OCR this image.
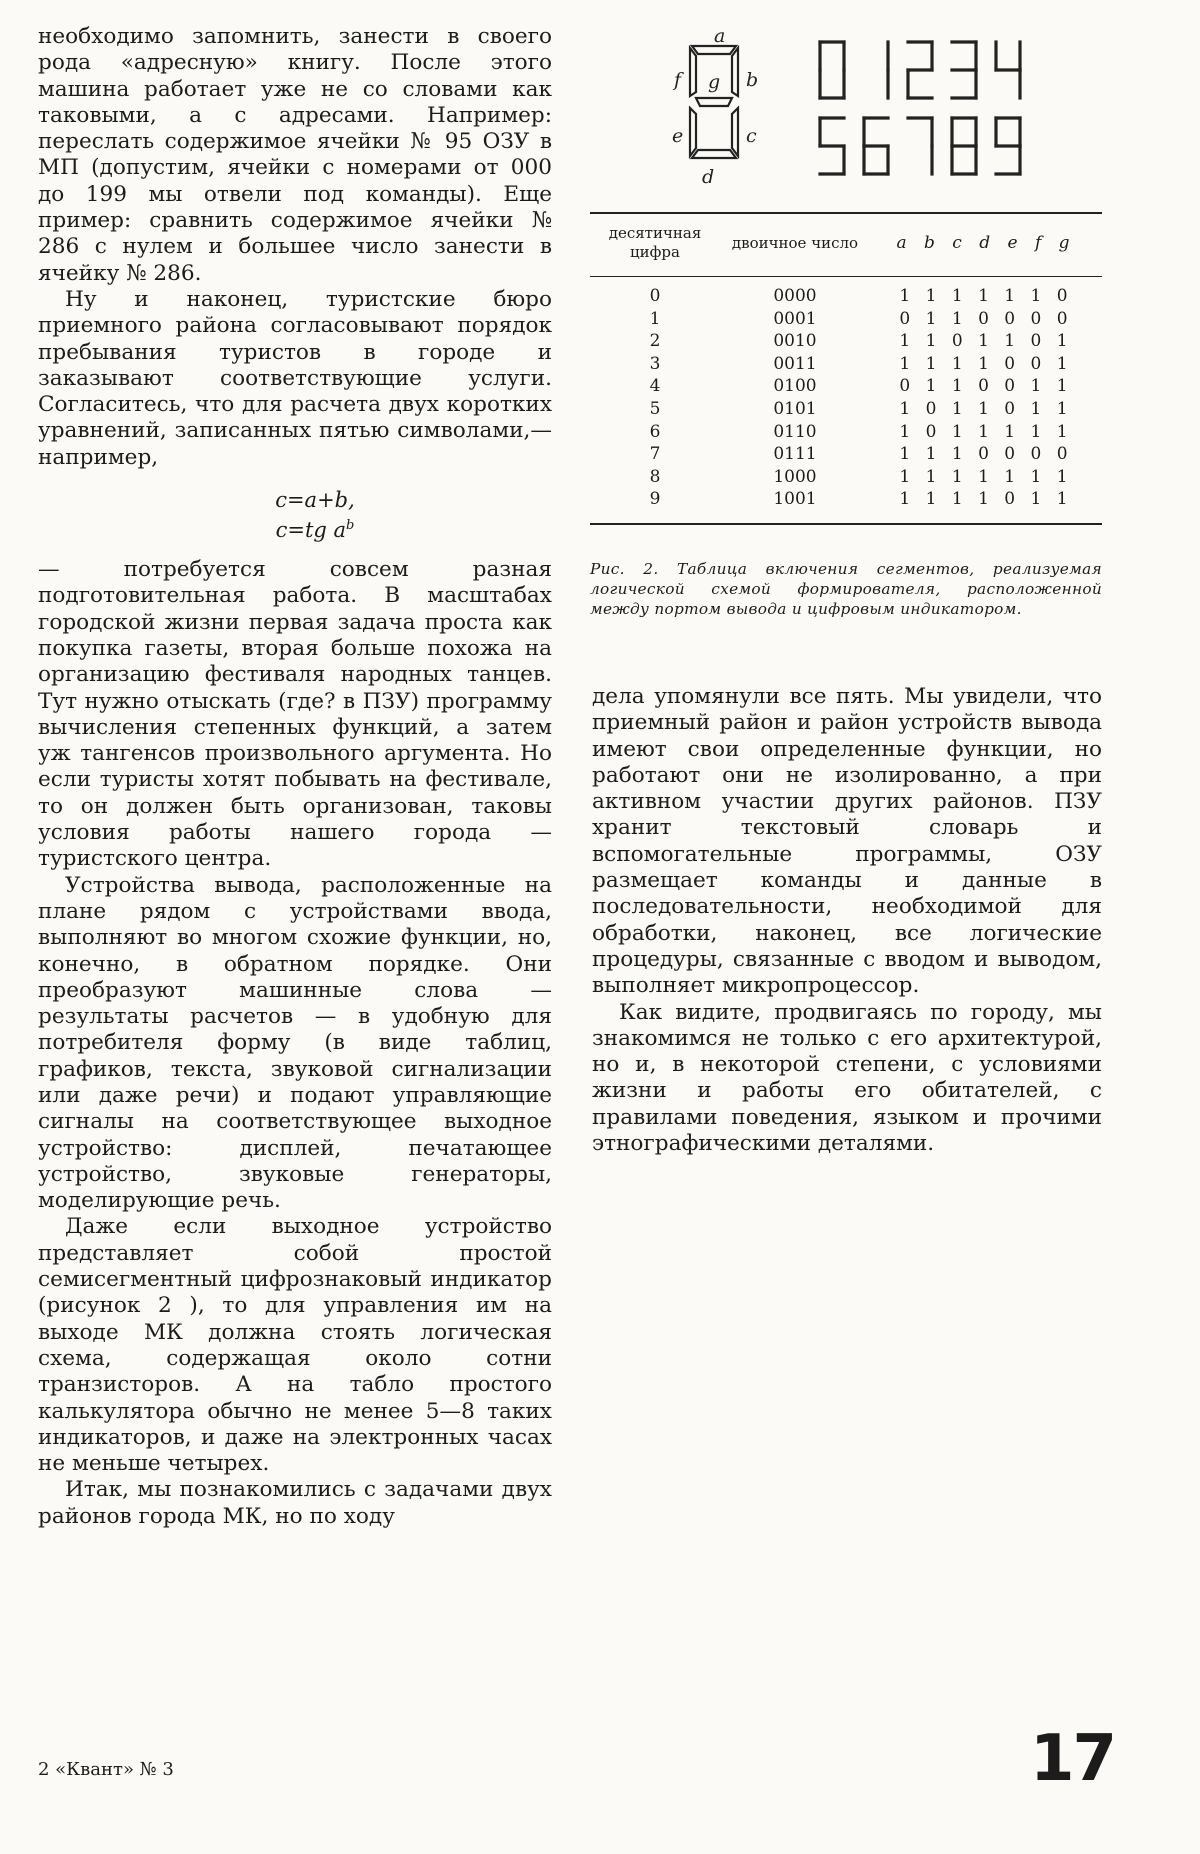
необходимо запомнить, занести в своего рода «адресную» книгу. После этого машина работает уже не со словами как таковыми, а с адресами. Например: переслать содержимое ячейки № 95 ОЗУ в МП (допустим, ячейки с номерами от 000 до 199 мы отвели под команды). Еще пример: сравнить содержимое ячейки № 286 с нулем и большее число занести в ячейку № 286.

Ну и наконец, туристские бюро приемного района согласовывают порядок пребывания туристов в городе и заказывают соответствующие услуги. Согласитесь, что для расчета двух коротких уравнений, записанных пятью символами,— например,

c=a+b,
c=tg $a^b$

— потребуется совсем разная подготовительная работа. В масштабах городской жизни первая задача проста как покупка газеты, вторая больше похожа на организацию фестиваля народных танцев. Тут нужно отыскать (где? в ПЗУ) программу вычисления степенных функций, а затем уж тангенсов произвольного аргумента. Но если туристы хотят побывать на фестивале, то он должен быть организован, таковы условия работы нашего города — туристского центра.

Устройства вывода, расположенные на плане рядом с устройствами ввода, выполняют во многом схожие функции, но, конечно, в обратном порядке. Они преобразуют машинные слова — результаты расчетов — в удобную для потребителя форму (в виде таблиц, графиков, текста, звуковой сигнализации или даже речи) и подают управляющие сигналы на соответствующее выходное устройство: дисплей, печатающее устройство, звуковые генераторы, моделирующие речь.

Даже если выходное устройство представляет собой простой семисегментный цифрознаковый индикатор (рисунок 2 ), то для управления им на выходе МК должна стоять логическая схема, содержащая около сотни транзисторов. А на табло простого калькулятора обычно не менее 5—8 таких индикаторов, и даже на электронных часах не меньше четырех.

Итак, мы познакомились с задачами двух районов города МК, но по ходу

a
b
c
d
e
f g
десятичная цифра	двоичное число	a b c d e f g
0	0000	1 1 1 1 1 1 0
1	0001	0 1 1 0 0 0 0
2	0010	1 1 0 1 1 0 1
3	0011	1 1 1 1 0 0 1
4	0100	0 1 1 0 0 1 1
5	0101	1 0 1 1 0 1 1
6	0110	1 0 1 1 1 1 1
7	0111	1 1 1 0 0 0 0
8	1000	1 1 1 1 1 1 1
9	1001	1 1 1 1 0 1 1
Рис. 2. Таблица включения сегментов, реализуемая логической схемой формирователя, расположенной между портом вывода и цифровым индикатором.

дела упомянули все пять. Мы увидели, что приемный район и район устройств вывода имеют свои определенные функции, но работают они не изолированно, а при активном участии других районов. ПЗУ хранит текстовый словарь и вспомогательные программы, ОЗУ размещает команды и данные в последовательности, необходимой для обработки, наконец, все логические процедуры, связанные с вводом и выводом, выполняет микропроцессор.

Как видите, продвигаясь по городу, мы знакомимся не только с его архитектурой, но и, в некоторой степени, с условиями жизни и работы его обитателей, с правилами поведения, языком и прочими этнографическими деталями.

2 «Квант» № 3	17
